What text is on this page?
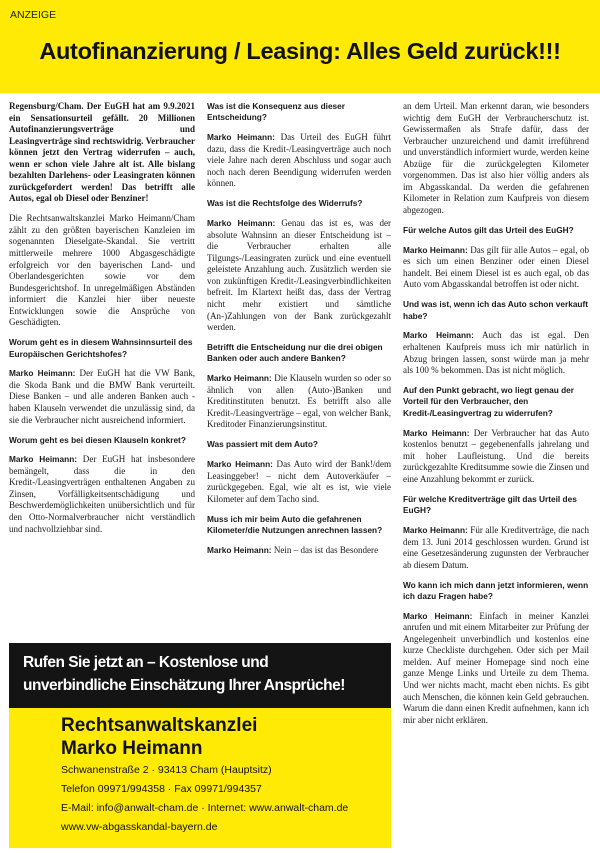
ANZEIGE
Autofinanzierung / Leasing: Alles Geld zurück!!!

Regensburg/Cham. Der EuGH hat am 9.9.2021 ein Sensationsurteil gefällt. 20 Millionen Autofinanzierungsverträge und Leasingverträge sind rechtswidrig. Verbraucher können jetzt den Vertrag widerrufen – auch, wenn er schon viele Jahre alt ist. Alle bislang bezahlten Darlehens- oder Leasingraten können zurückgefordert werden! Das betrifft alle Autos, egal ob Diesel oder Benziner!

Die Rechtsanwaltskanzlei Marko Heimann/Cham zählt zu den größten bayerischen Kanzleien im sogenannten Dieselgate-Skandal. Sie vertritt mittlerweile mehrere 1000 Abgasgeschädigte erfolgreich vor den bayerischen Land- und Oberlandesgerichten sowie vor dem Bundesgerichtshof. In unregelmäßigen Abständen informiert die Kanzlei hier über neueste Entwicklungen sowie die Ansprüche von Geschädigten.

Worum geht es in diesem Wahnsinnsurteil des Europäischen Gerichtshofes?

Marko Heimann: Der EuGH hat die VW Bank, die Skoda Bank und die BMW Bank verurteilt. Diese Banken – und alle anderen Banken auch - haben Klauseln verwendet die unzulässig sind, da sie die Verbraucher nicht ausreichend informiert.

Worum geht es bei diesen Klauseln konkret?

Marko Heimann: Der EuGH hat insbesondere bemängelt, dass die in den Kredit-/Leasingverträgen enthaltenen Angaben zu Zinsen, Vorfälligkeitsentschädigung und Beschwerdemöglichkeiten unübersichtlich und für den Otto-Normalverbraucher nicht verständlich und nachvollziehbar sind.

Was ist die Konsequenz aus dieser Entscheidung?

Marko Heimann: Das Urteil des EuGH führt dazu, dass die Kredit-/Leasingverträge auch noch viele Jahre nach deren Abschluss und sogar auch noch nach deren Beendigung widerrufen werden können.

Was ist die Rechtsfolge des Widerrufs?

Marko Heimann: Genau das ist es, was der absolute Wahnsinn an dieser Entscheidung ist – die Verbraucher erhalten alle Tilgungs-/Leasingraten zurück und eine eventuell geleistete Anzahlung auch. Zusätzlich werden sie von zukünftigen Kredit-/Leasingverbindlichkeiten befreit. Im Klartext heißt das, dass der Vertrag nicht mehr existiert und sämtliche (An-)Zahlungen von der Bank zurückgezahlt werden.

Betrifft die Entscheidung nur die drei obigen Banken oder auch andere Banken?

Marko Heimann: Die Klauseln wurden so oder so ähnlich von allen (Auto-)Banken und Kreditinstituten benutzt. Es betrifft also alle Kredit-/Leasingverträge – egal, von welcher Bank, Kreditoder Finanzierungsinstitut.

Was passiert mit dem Auto?

Marko Heimann: Das Auto wird der Bank!/dem Leasinggeber! – nicht dem Autoverkäufer – zurückgegeben. Egal, wie alt es ist, wie viele Kilometer auf dem Tacho sind.

Muss ich mir beim Auto die gefahrenen Kilometer/die Nutzungen anrechnen lassen?

Marko Heimann: Nein – das ist das Besondere

an dem Urteil. Man erkennt daran, wie besonders wichtig dem EuGH der Verbraucherschutz ist. Gewissermaßen als Strafe dafür, dass der Verbraucher unzureichend und damit irreführend und unverständlich informiert wurde, werden keine Abzüge für die zurückgelegten Kilometer vorgenommen. Das ist also hier völlig anders als im Abgasskandal. Da werden die gefahrenen Kilometer in Relation zum Kaufpreis von diesem abgezogen.

Für welche Autos gilt das Urteil des EuGH?

Marko Heimann: Das gilt für alle Autos – egal, ob es sich um einen Benziner oder einen Diesel handelt. Bei einem Diesel ist es auch egal, ob das Auto vom Abgasskandal betroffen ist oder nicht.

Und was ist, wenn ich das Auto schon verkauft habe?

Marko Heimann: Auch das ist egal. Den erhaltenen Kaufpreis muss ich mir natürlich in Abzug bringen lassen, sonst würde man ja mehr als 100 % bekommen. Das ist nicht möglich.

Auf den Punkt gebracht, wo liegt genau der Vorteil für den Verbraucher, den Kredit-/Leasingvertrag zu widerrufen?

Marko Heimann: Der Verbraucher hat das Auto kostenlos benutzt – gegebenenfalls jahrelang und mit hoher Laufleistung. Und die bereits zurückgezahlte Kreditsumme sowie die Zinsen und eine Anzahlung bekommt er zurück.

Für welche Kreditverträge gilt das Urteil des EuGH?

Marko Heimann: Für alle Kreditverträge, die nach dem 13. Juni 2014 geschlossen wurden. Grund ist eine Gesetzesänderung zugunsten der Verbraucher ab diesem Datum.

Wo kann ich mich dann jetzt informieren, wenn ich dazu Fragen habe?

Marko Heimann: Einfach in meiner Kanzlei anrufen und mit einem Mitarbeiter zur Prüfung der Angelegenheit unverbindlich und kostenlos eine kurze Checkliste durchgehen. Oder sich per Mail melden. Auf meiner Homepage sind noch eine ganze Menge Links und Urteile zu dem Thema. Und wer nichts macht, macht eben nichts. Es gibt auch Menschen, die können kein Geld gebrauchen. Warum die dann einen Kredit aufnehmen, kann ich mir aber nicht erklären.

Rufen Sie jetzt an – Kostenlose und
unverbindliche Einschätzung Ihrer Ansprüche!
Rechtsanwaltskanzlei
Marko Heimann
Schwanenstraße 2 · 93413 Cham (Hauptsitz)
Telefon 09971/994358 · Fax 09971/994357
E-Mail: info@anwalt-cham.de · Internet: www.anwalt-cham.de
www.vw-abgasskandal-bayern.de
